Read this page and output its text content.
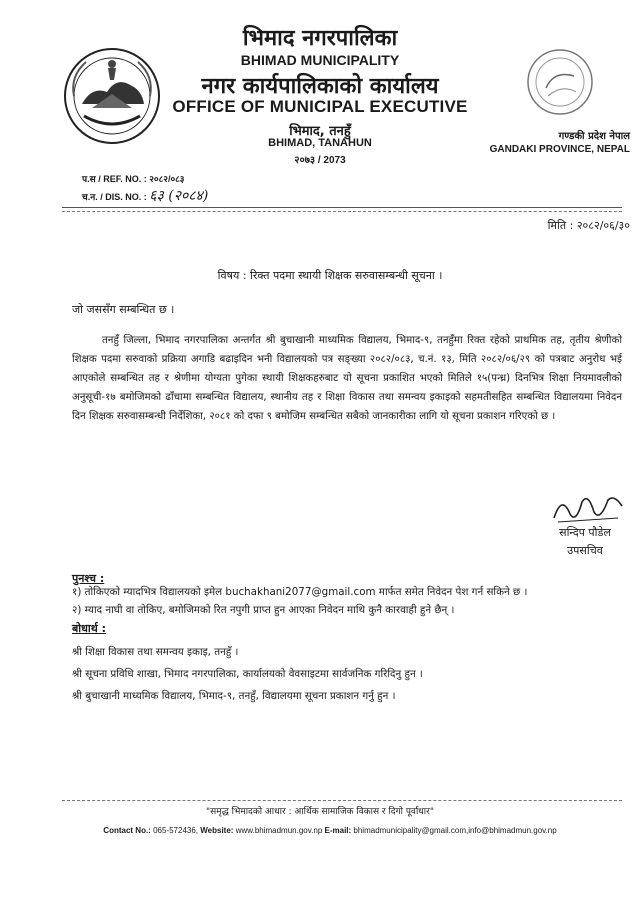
भिमाद नगरपालिका
BHIMAD MUNICIPALITY
नगर कार्यपालिकाको कार्यालय
OFFICE OF MUNICIPAL EXECUTIVE
भिमाद, तनहुँ
BHIMAD, TANAHUN
२०७३ / 2073
गण्डकी प्रदेश नेपाल
GANDAKI PROVINCE, NEPAL
प.स / REF. NO. : २०८२/०८३
च.न. / DIS. NO. : ६३ (२०८४)
मिति : २०८२/०६/३०
विषय : रिक्त पदमा स्थायी शिक्षक सरुवासम्बन्धी सूचना ।
जो जससँग सम्बन्धित छ ।
तनहुँ जिल्ला, भिमाद नगरपालिका अन्तर्गत श्री बुचाखानी माध्यमिक विद्यालय, भिमाद-९, तनहुँमा रिक्त रहेको प्राथमिक तह, तृतीय श्रेणीको शिक्षक पदमा सरुवाको प्रक्रिया अगाडि बढाइदिन भनी विद्यालयको पत्र सङ्ख्या २०८२/०८३, च.नं. १३, मिति २०८२/०६/२९ को पत्रबाट अनुरोध भई आएकोले सम्बन्धित तह र श्रेणीमा योग्यता पुगेका स्थायी शिक्षकहरुबाट यो सूचना प्रकाशित भएको मितिले १५(पन्ध्र) दिनभित्र शिक्षा नियमावलीको अनुसूची-१७ बमोजिमको ढाँचामा सम्बन्धित विद्यालय, स्थानीय तह र शिक्षा विकास तथा समन्वय इकाइको सहमतीसहित सम्बन्धित विद्यालयमा निवेदन दिन शिक्षक सरुवासम्बन्धी निर्देशिका, २०८१ को दफा ९ बमोजिम सम्बन्धित सबैको जानकारीका लागि यो सूचना प्रकाशन गरिएको छ ।
सन्दिप पौडेल
उपसचिव
पुनश्च :
१) तोकिएको म्यादभित्र विद्यालयको इमेल buchakhani2077@gmail.com मार्फत समेत निवेदन पेश गर्न सकिने छ ।
२) म्याद नाघी वा तोकिए, बमोजिमको रित नपुगी प्राप्त हुन आएका निवेदन माथि कुनै कारवाही हुने छैन् ।
बोधार्थ :
श्री शिक्षा विकास तथा समन्वय इकाइ, तनहुँ ।
श्री सूचना प्रविधि शाखा, भिमाद नगरपालिका, कार्यालयको वेवसाइटमा सार्वजनिक गरिदिनु हुन ।
श्री बुचाखानी माध्यमिक विद्यालय, भिमाद-९, तनहुँ, विद्यालयमा सूचना प्रकाशन गर्नु हुन ।
"समृद्ध भिमादको आधार : आर्थिक सामाजिक विकास र दिगो पूर्वाधार"
Contact No.: 065-572436, Website: www.bhimadmun.gov.np E-mail: bhimadmunicipality@gmail.com,info@bhimadmun.gov.np
